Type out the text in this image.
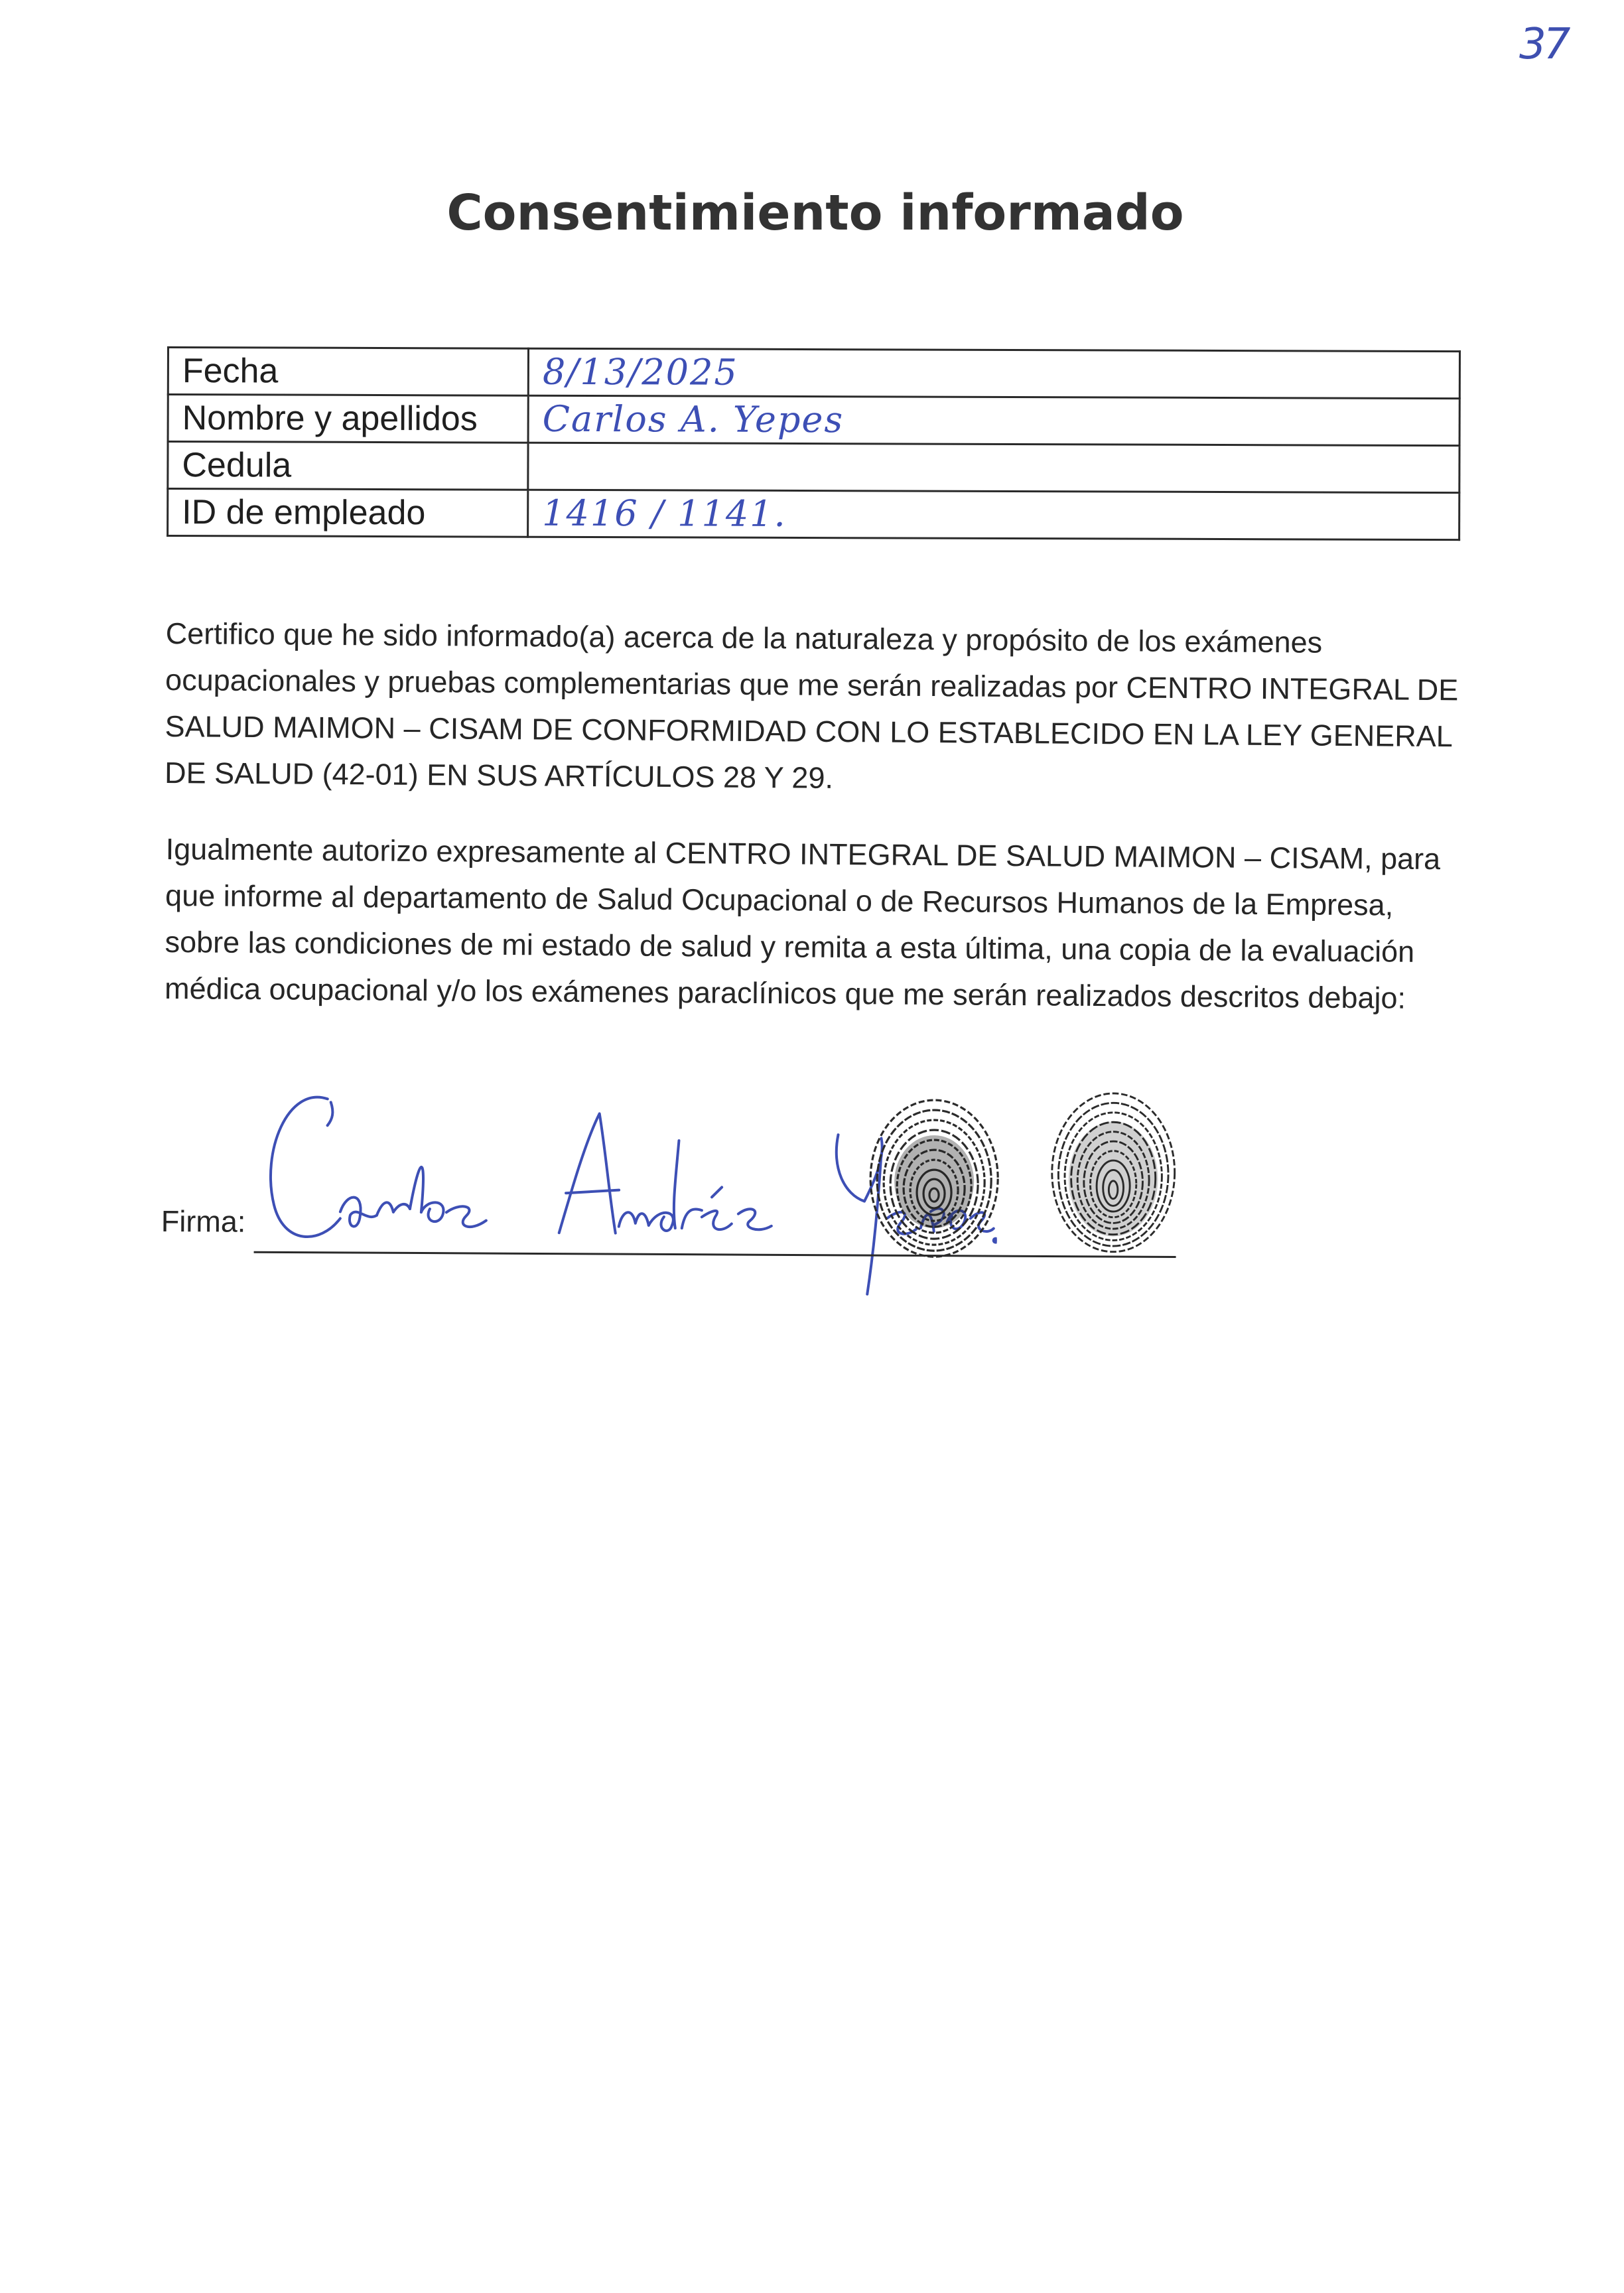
37
Consentimiento informado
Fecha	8/13/2025
Nombre y apellidos	Carlos A. Yepes
Cedula	
ID de empleado	1416 / 1141.

Certifico que he sido informado(a) acerca de la naturaleza y propósito de los exámenes ocupacionales y pruebas complementarias que me serán realizadas por CENTRO INTEGRAL DE SALUD MAIMON – CISAM DE CONFORMIDAD CON LO ESTABLECIDO EN LA LEY GENERAL DE SALUD (42-01) EN SUS ARTÍCULOS 28 Y 29.

Igualmente autorizo expresamente al CENTRO INTEGRAL DE SALUD MAIMON – CISAM, para que informe al departamento de Salud Ocupacional o de Recursos Humanos de la Empresa, sobre las condiciones de mi estado de salud y remita a esta última, una copia de la evaluación médica ocupacional y/o los exámenes paraclínicos que me serán realizados descritos debajo:

Firma:
